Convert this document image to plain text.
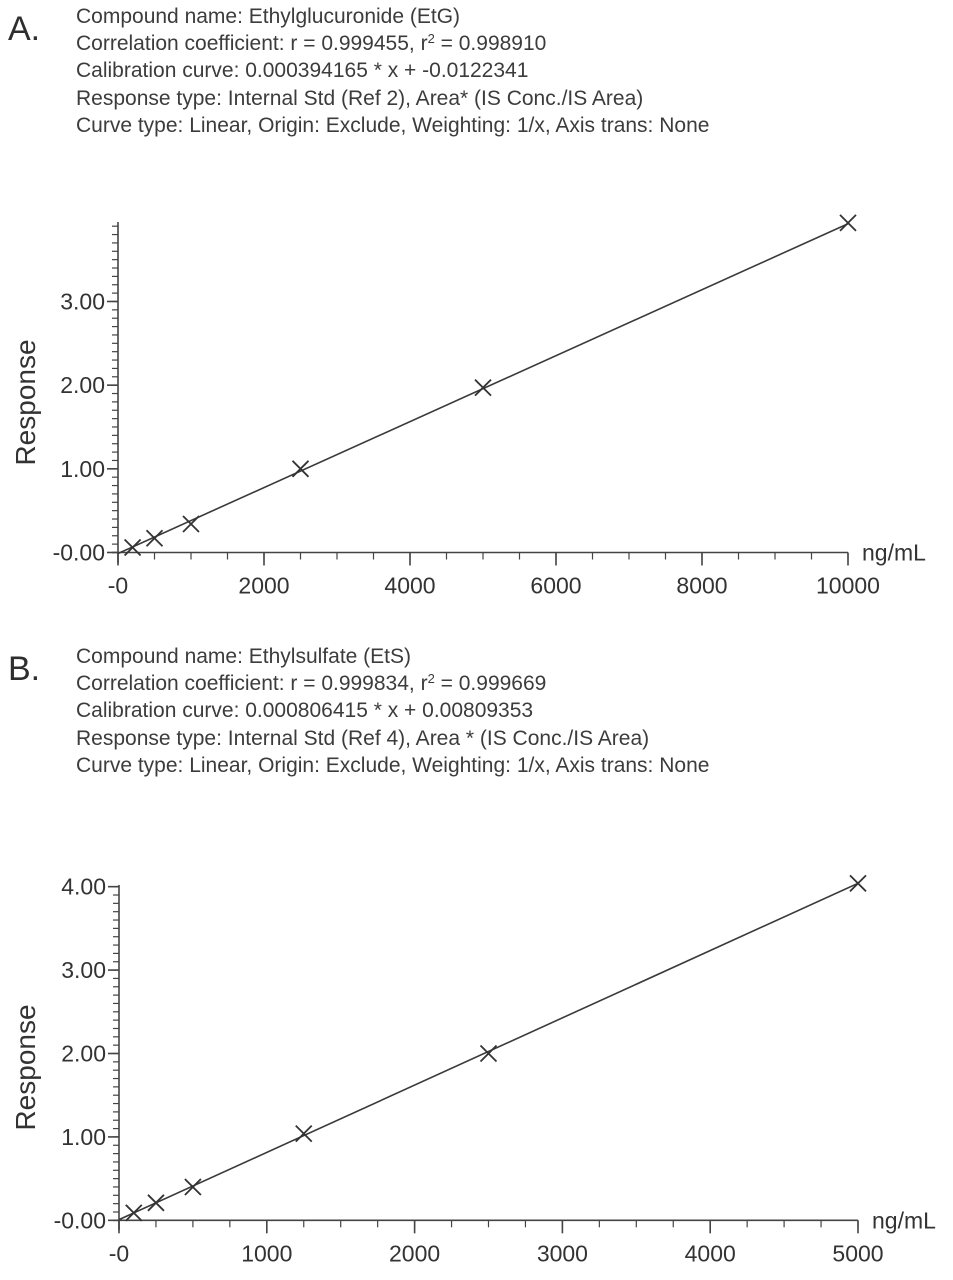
A. Compound name: Ethylglucuronide (EtG)
Correlation coefficient: r = 0.999455, $r^2 = 0.998910$
Calibration curve: 0.000394165 * x + -0.0122341
Response type: Internal Std (Ref 2), Area* (IS Conc./IS Area)
Curve type: Linear, Origin: Exclude, Weighting: 1/x, Axis trans: None
-0.00
1.00
2.00
3.00
-0	2000	4000	6000	8000	10000
ng/mL
Response
B. Compound name: Ethylsulfate (EtS)
Correlation coefficient: r = 0.999834, $r^2 = 0.999669$
Calibration curve: 0.000806415 * x + 0.00809353
Response type: Internal Std (Ref 4), Area * (IS Conc./IS Area)
Curve type: Linear, Origin: Exclude, Weighting: 1/x, Axis trans: None
-0.00
1.00
2.00
3.00
4.00
-0	1000	2000	3000	4000	5000
ng/mL
Response
